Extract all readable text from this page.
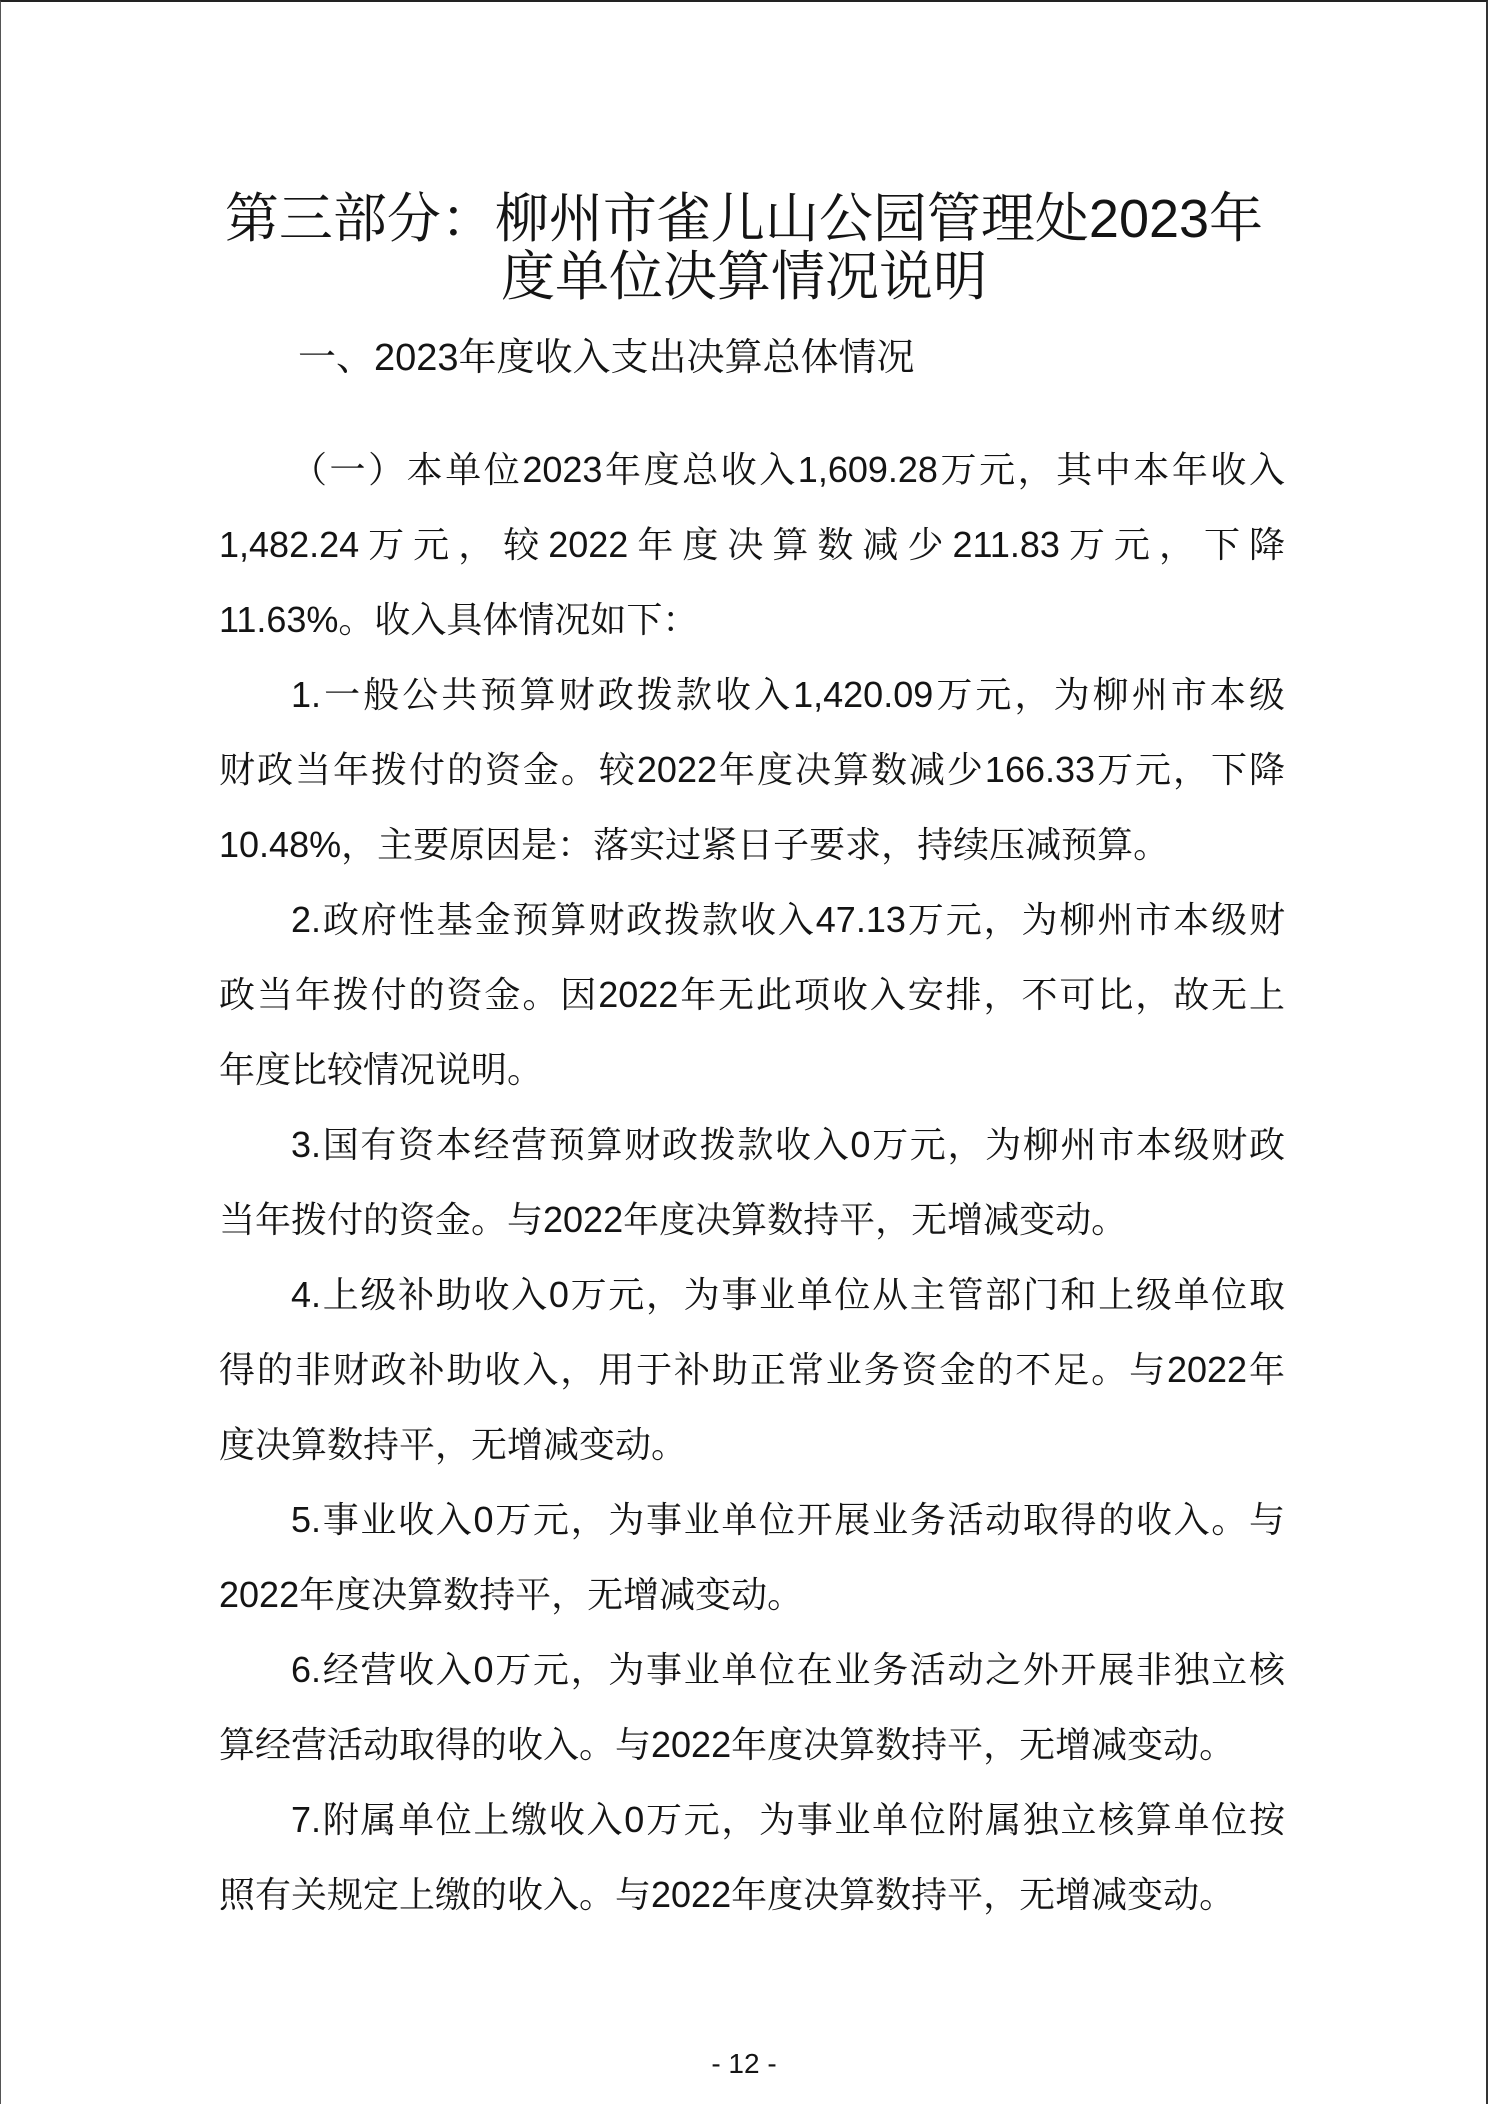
第三部分：柳州市雀儿山公园管理处2023年
度单位决算情况说明
一、2023年度收入支出决算总体情况
（一）本单位2023年度总收入1,609.28万元，其中本年收入
1,482.24万元，较2022年度决算数减少211.83万元，下降
11.63%。收入具体情况如下：
1.一般公共预算财政拨款收入1,420.09万元，为柳州市本级
财政当年拨付的资金。较2022年度决算数减少166.33万元，下降
10.48%，主要原因是：落实过紧日子要求，持续压减预算。
2.政府性基金预算财政拨款收入47.13万元，为柳州市本级财
政当年拨付的资金。因2022年无此项收入安排，不可比，故无上
年度比较情况说明。
3.国有资本经营预算财政拨款收入0万元，为柳州市本级财政
当年拨付的资金。与2022年度决算数持平，无增减变动。
4.上级补助收入0万元，为事业单位从主管部门和上级单位取
得的非财政补助收入，用于补助正常业务资金的不足。与2022年
度决算数持平，无增减变动。
5.事业收入0万元，为事业单位开展业务活动取得的收入。与
2022年度决算数持平，无增减变动。
6.经营收入0万元，为事业单位在业务活动之外开展非独立核
算经营活动取得的收入。与2022年度决算数持平，无增减变动。
7.附属单位上缴收入0万元，为事业单位附属独立核算单位按
照有关规定上缴的收入。与2022年度决算数持平，无增减变动。
- 12 -
